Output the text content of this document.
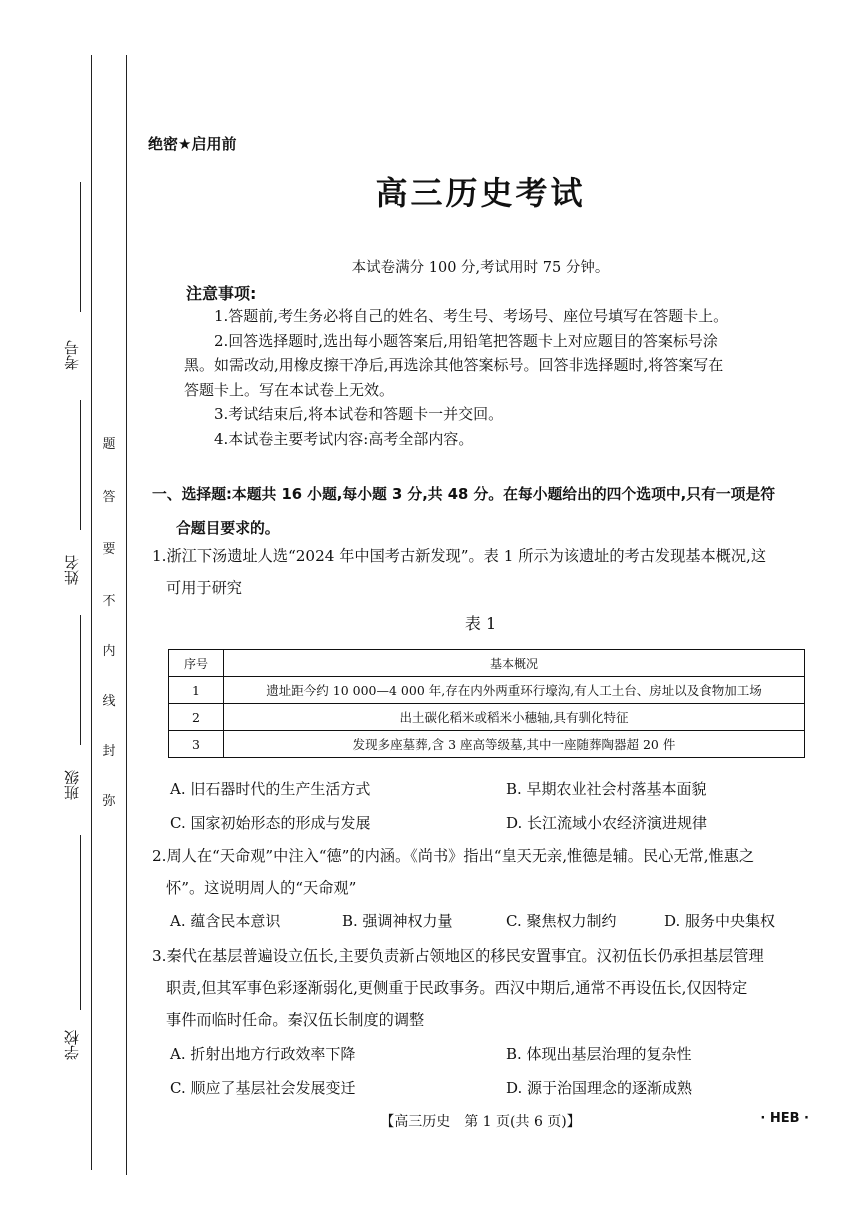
考号
姓名
班级
学校
题
答
要
不
内
线
封
弥
绝密★启用前
高三历史考试
本试卷满分 100 分,考试用时 75 分钟。
注意事项:

1.答题前,考生务必将自己的姓名、考生号、考场号、座位号填写在答题卡上。

2.回答选择题时,选出每小题答案后,用铅笔把答题卡上对应题目的答案标号涂

黑。如需改动,用橡皮擦干净后,再选涂其他答案标号。回答非选择题时,将答案写在

答题卡上。写在本试卷上无效。

3.考试结束后,将本试卷和答题卡一并交回。

4.本试卷主要考试内容:高考全部内容。

一、选择题:本题共 16 小题,每小题 3 分,共 48 分。在每小题给出的四个选项中,只有一项是符
合题目要求的。
1.浙江下汤遗址人选“2024 年中国考古新发现”。表 1 所示为该遗址的考古发现基本概况,这
可用于研究
表 1
序号	基本概况
1	遗址距今约 10 000—4 000 年,存在内外两重环行壕沟,有人工土台、房址以及食物加工场
2	出土碳化稻米或稻米小穗轴,具有驯化特征
3	发现多座墓葬,含 3 座高等级墓,其中一座随葬陶器超 20 件
A. 旧石器时代的生产生活方式	B. 早期农业社会村落基本面貌
C. 国家初始形态的形成与发展	D. 长江流域小农经济演进规律
2.周人在“天命观”中注入“德”的内涵。《尚书》指出“皇天无亲,惟德是辅。民心无常,惟惠之
怀”。这说明周人的“天命观”
A. 蕴含民本意识	B. 强调神权力量	C. 聚焦权力制约	D. 服务中央集权
3.秦代在基层普遍设立伍长,主要负责新占领地区的移民安置事宜。汉初伍长仍承担基层管理
职责,但其军事色彩逐渐弱化,更侧重于民政事务。西汉中期后,通常不再设伍长,仅因特定
事件而临时任命。秦汉伍长制度的调整
A. 折射出地方行政效率下降	B. 体现出基层治理的复杂性
C. 顺应了基层社会发展变迁	D. 源于治国理念的逐渐成熟
【高三历史　第 1 页(共 6 页)】	· HEB ·
